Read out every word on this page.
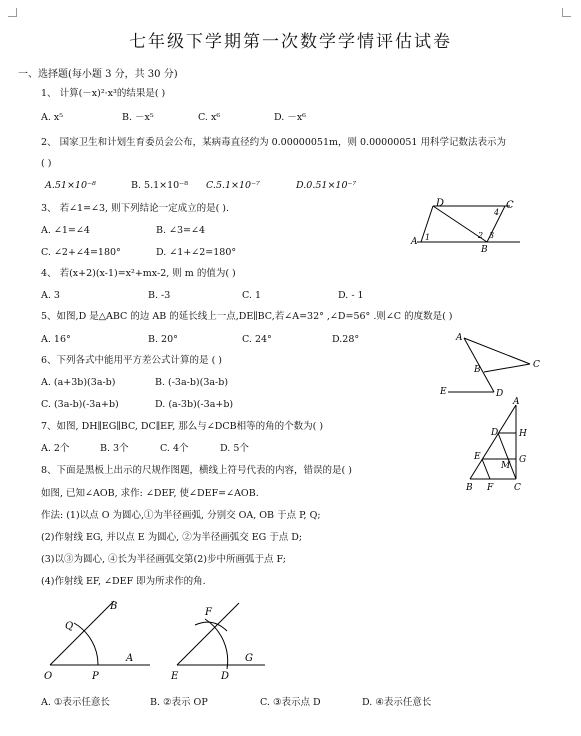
七年级下学期第一次数学学情评估试卷
一、选择题(每小题 3 分，共 30 分)
1、 计算(－x)²·x³的结果是( )
A. x⁵	B. －x⁵	C. x⁶	D. －x⁶
2、 国家卫生和计划生育委员会公布，某病毒直径约为 0.00000051m，则 0.00000051 用科学记数法表示为
( )
A.51×10⁻⁸	B. 5.1×10⁻⁸ C.5.1×10⁻⁷	D.0.51×10⁻⁷
3、 若∠1=∠3, 则下列结论一定成立的是( ).
A. ∠1=∠4	B. ∠3=∠4
C. ∠2+∠4=180°	D. ∠1+∠2=180°
D	C
A
B
1	2 3
4
4、 若(x+2)(x-1)=x²+mx-2, 则 m 的值为( )
A. 3	B. -3	C. 1	D. - 1
5、如图,D 是△ABC 的边 AB 的延长线上一点,DE∥BC,若∠A=32° ,∠D=56° .则∠C 的度数是( )
A. 16°	B. 20°	C. 24°	D.28°	A
C
B
E	D
6、下列各式中能用平方差公式计算的是 ( )
A. (a+3b)(3a-b)	B. (-3a-b)(3a-b)
C. (3a-b)(-3a+b)	D. (a-3b)(-3a+b)
7、如图, DH∥EG∥BC, DC∥EF, 那么与∠DCB相等的角的个数为( )
A. 2个	B. 3个	C. 4个	D. 5个
A
D H
E	G
M
B F C
8、下面是黑板上出示的尺规作图题，横线上符号代表的内容，错误的是( )
如图, 已知∠AOB, 求作: ∠DEF, 使∠DEF=∠AOB.
作法: (1)以点 O 为圆心,①为半径画弧, 分别交 OA, OB 于点 P, Q;
(2)作射线 EG, 并以点 E 为圆心, ②为半径画弧交 EG 于点 D;
(3)以③为圆心, ④长为半径画弧交第(2)步中所画弧于点 F;
(4)作射线 EF, ∠DEF 即为所求作的角.
O	P
A
Q
B
E	D
G
F
A. ①表示任意长	B. ②表示 OP	C. ③表示点 D	D. ④表示任意长
